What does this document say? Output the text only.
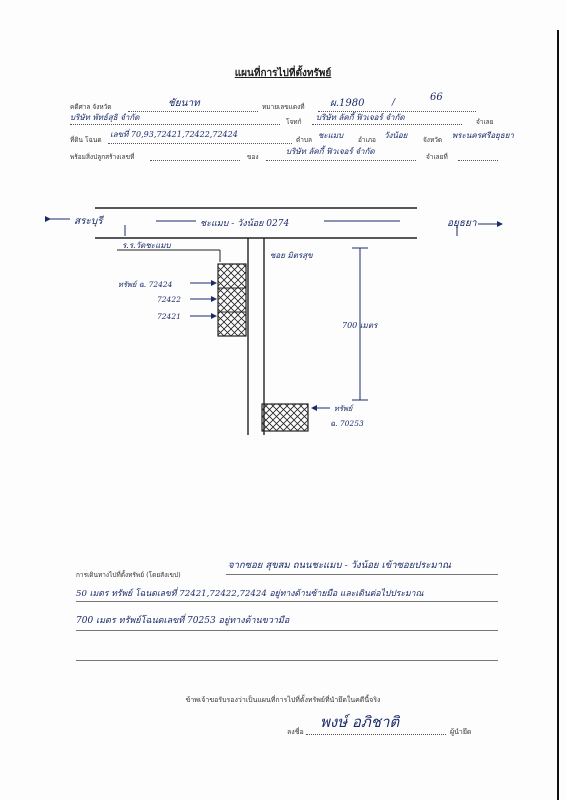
แผนที่การไปที่ตั้งทรัพย์
คดีศาล จังหวัด	ชัยนาท	หมายเลขแดงที่	ผ.1980	/	66
บริษัท พัทธ์สุธิ จำกัด	โจทก์ บริษัท ลัคกี้ ฟิวเจอร์ จำกัด	จำเลย
ที่ดิน โฉนด
เลขที่ 70,93,72421,72422,72424
ตำบล ชะแมบ อำเภอ วังน้อย จังหวัด พระนครศรีอยุธยา
พร้อมสิ่งปลูกสร้างเลขที่	ของ
บริษัท ลัคกี้ ฟิวเจอร์ จำกัด
จำเลยที่
สระบุรี	อยุธยา
ชะแมบ - วังน้อย 0274
ซอย มิตรสุข
ร.ร.วัดชะแมบ
700 เมตร
ทรัพย์ ฉ. 72424
72422
72421
ทรัพย์
ฉ. 70253
การเดินทางไปที่ตั้งทรัพย์ (โดยสังเขป)
จากซอย สุขสม ถนนชะแมบ - วังน้อย เข้าซอยประมาณ
50 เมตร ทรัพย์ โฉนดเลขที่ 72421,72422,72424 อยู่ทางด้านซ้ายมือ และเดินต่อไปประมาณ
700 เมตร ทรัพย์โฉนดเลขที่ 70253 อยู่ทางด้านขวามือ
ข้าพเจ้าขอรับรองว่าเป็นแผนที่การไปที่ตั้งทรัพย์ที่นำยึดในคดีนี้จริง
ลงชื่อ
พงษ์ อภิชาติ
ผู้นำยึด
